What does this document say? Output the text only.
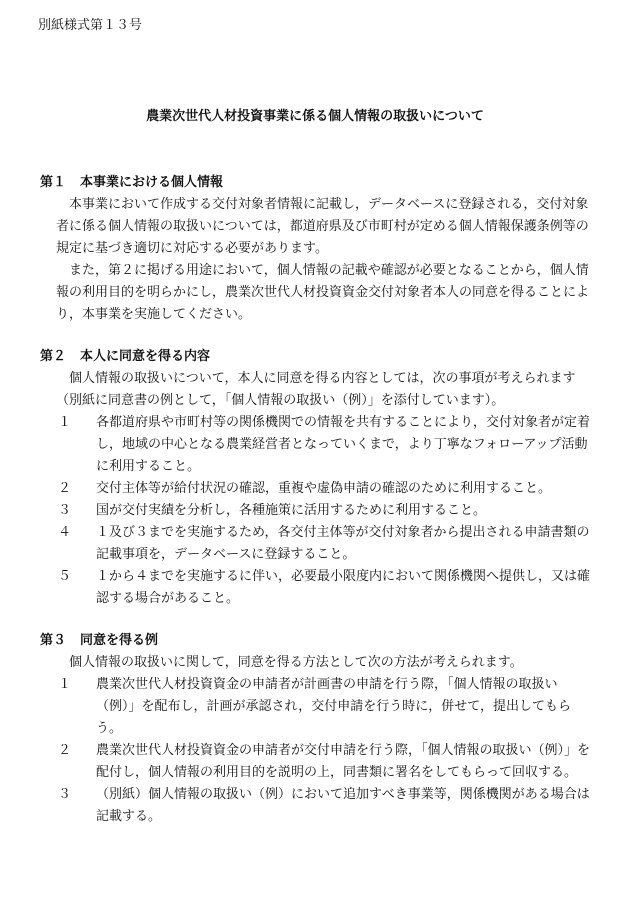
別紙様式第１３号

農業次世代人材投資事業に係る個人情報の取扱いについて
第１ 本事業における個人情報

本事業において作成する交付対象者情報に記載し，データベースに登録される，交付対象者に係る個人情報の取扱いについては，都道府県及び市町村が定める個人情報保護条例等の規定に基づき適切に対応する必要があります。

また，第２に掲げる用途において，個人情報の記載や確認が必要となることから，個人情報の利用目的を明らかにし，農業次世代人材投資資金交付対象者本人の同意を得ることにより，本事業を実施してください。

第２ 本人に同意を得る内容

個人情報の取扱いについて，本人に同意を得る内容としては，次の事項が考えられます（別紙に同意書の例として，「個人情報の取扱い（例）」を添付しています）。

１	各都道府県や市町村等の関係機関での情報を共有することにより，交付対象者が定着し，地域の中心となる農業経営者となっていくまで，より丁寧なフォローアップ活動に利用すること。
２	交付主体等が給付状況の確認，重複や虚偽申請の確認のために利用すること。
３	国が交付実績を分析し，各種施策に活用するために利用すること。
４	１及び３までを実施するため，各交付主体等が交付対象者から提出される申請書類の記載事項を，データベースに登録すること。
５	１から４までを実施するに伴い，必要最小限度内において関係機関へ提供し，又は確認する場合があること。
第３ 同意を得る例

個人情報の取扱いに関して，同意を得る方法として次の方法が考えられます。

１	農業次世代人材投資資金の申請者が計画書の申請を行う際，「個人情報の取扱い（例）」を配布し，計画が承認され，交付申請を行う時に，併せて，提出してもらう。
２	農業次世代人材投資資金の申請者が交付申請を行う際，「個人情報の取扱い（例）」を配付し，個人情報の利用目的を説明の上，同書類に署名をしてもらって回収する。
３	（別紙）個人情報の取扱い（例）において追加すべき事業等，関係機関がある場合は記載する。
